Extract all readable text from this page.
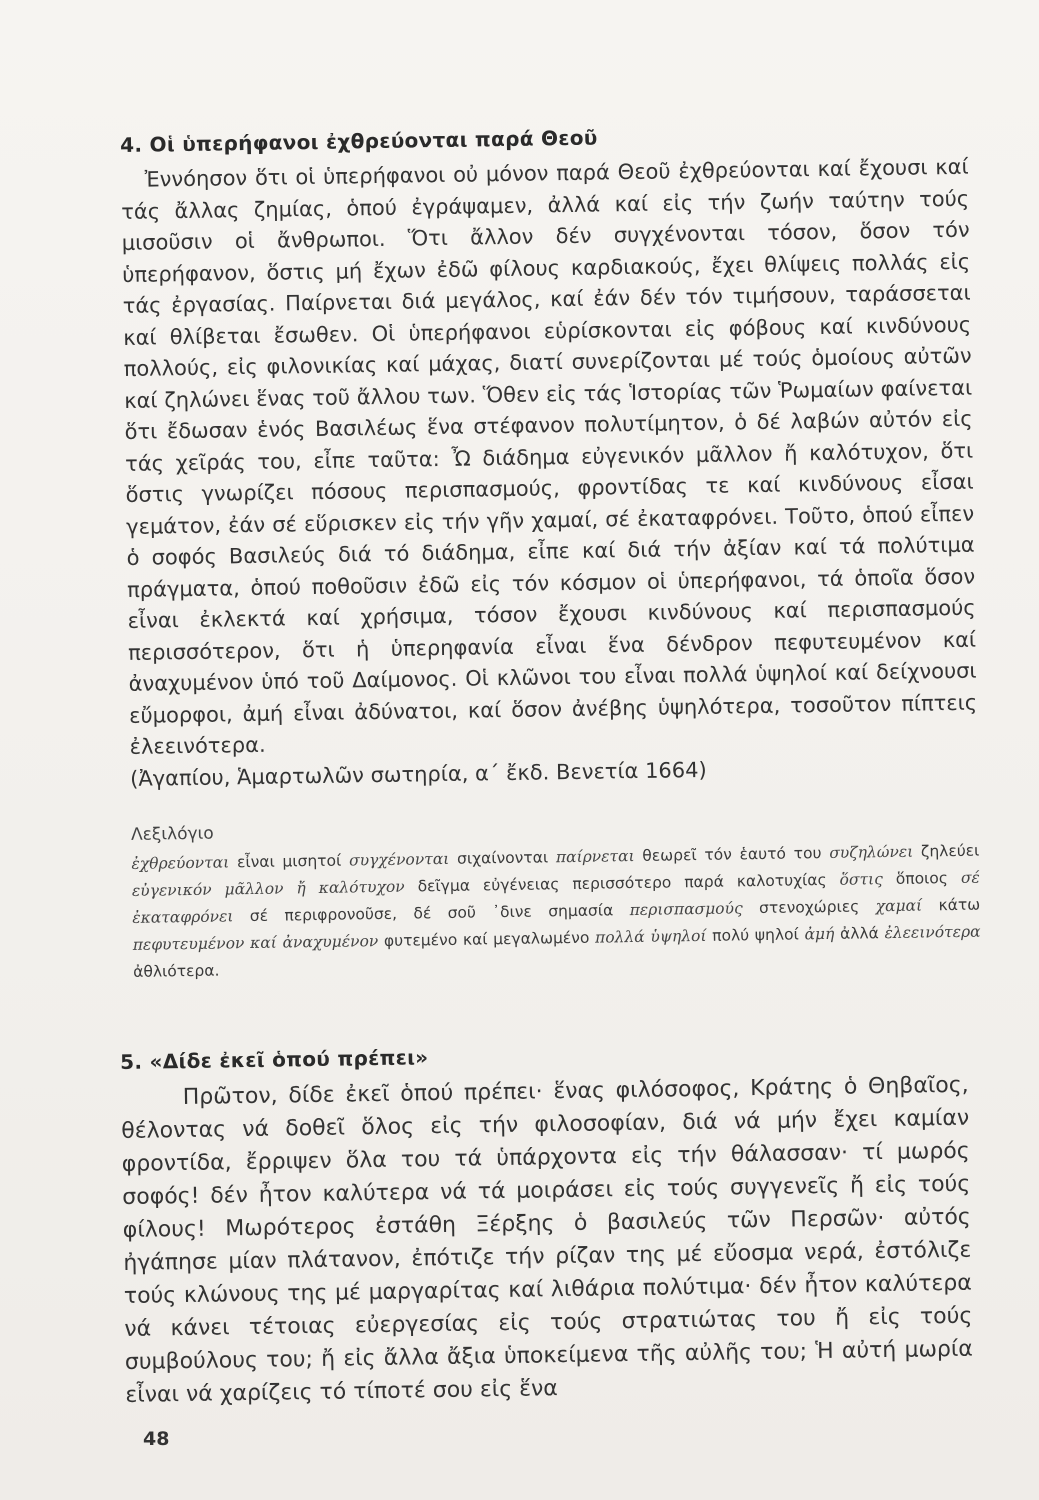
4. Οἱ ὑπερήφανοι ἐχθρεύονται παρά Θεοῦ

Ἐννόησον ὅτι οἱ ὑπερήφανοι οὐ μόνον παρά Θεοῦ ἐχθρεύονται καί ἔχουσι καί τάς ἄλλας ζημίας, ὁπού ἐγράψαμεν, ἀλλά καί εἰς τήν ζωήν ταύτην τούς μισοῦσιν οἱ ἄνθρωποι. Ὅτι ἄλλον δέν συγχένονται τόσον, ὅσον τόν ὑπερήφανον, ὅστις μή ἔχων ἐδῶ φίλους καρδιακούς, ἔχει θλίψεις πολλάς εἰς τάς ἐργασίας. Παίρνεται διά μεγάλος, καί ἐάν δέν τόν τιμήσουν, ταράσσεται καί θλίβεται ἔσωθεν. Οἱ ὑπερήφανοι εὑρίσκονται εἰς φόβους καί κινδύνους πολλούς, εἰς φιλονικίας καί μάχας, διατί συνερίζονται μέ τούς ὁμοίους αὐτῶν καί ζηλώνει ἕνας τοῦ ἄλλου των. Ὅθεν εἰς τάς Ἱστορίας τῶν Ῥωμαίων φαίνεται ὅτι ἔδωσαν ἑνός Βασιλέως ἕνα στέφανον πολυτίμητον, ὁ δέ λαβών αὐτόν εἰς τάς χεῖράς του, εἶπε ταῦτα: Ὦ διάδημα εὐγενικόν μᾶλλον ἤ καλότυχον, ὅτι ὅστις γνωρίζει πόσους περισπασμούς, φροντίδας τε καί κινδύνους εἶσαι γεμάτον, ἐάν σέ εὕρισκεν εἰς τήν γῆν χαμαί, σέ ἐκαταφρόνει. Τοῦτο, ὁπού εἶπεν ὁ σοφός Βασιλεύς διά τό διάδημα, εἶπε καί διά τήν ἀξίαν καί τά πολύτιμα πράγματα, ὁπού ποθοῦσιν ἐδῶ εἰς τόν κόσμον οἱ ὑπερήφανοι, τά ὁποῖα ὅσον εἶναι ἐκλεκτά καί χρήσιμα, τόσον ἔχουσι κινδύνους καί περισπασμούς περισσότερον, ὅτι ἡ ὑπερηφανία εἶναι ἕνα δένδρον πεφυτευμένον καί ἀναχυμένον ὑπό τοῦ Δαίμονος. Οἱ κλῶνοι του εἶναι πολλά ὑψηλοί καί δείχνουσι εὔμορφοι, ἀμή εἶναι ἀδύνατοι, καί ὅσον ἀνέβης ὑψηλότερα, τοσοῦτον πίπτεις ἐλεεινότερα.

(Ἀγαπίου, Ἁμαρτωλῶν σωτηρία, α΄ ἔκδ. Βενετία 1664)

Λεξιλόγιο

ἐχθρεύονται εἶναι μισητοί συγχένονται σιχαίνονται παίρνεται θεωρεῖ τόν ἑαυτό του συζηλώνει ζηλεύει εὐγενικόν μᾶλλον ἤ καλότυχον δεῖγμα εὐγένειας περισσότερο παρά καλοτυχίας ὅστις ὅποιος σέ ἐκαταφρόνει σέ περιφρονοῦσε, δέ σοῦ ᾽δινε σημασία περισπασμούς στενοχώριες χαμαί κάτω πεφυτευμένον καί ἀναχυμένον φυτεμένο καί μεγαλωμένο πολλά ὑψηλοί πολύ ψηλοί ἀμή ἀλλά ἐλεεινότερα ἀθλιότερα.

5. «Δίδε ἐκεῖ ὁπού πρέπει»

Πρῶτον, δίδε ἐκεῖ ὁπού πρέπει· ἕνας φιλόσοφος, Κράτης ὁ Θηβαῖος, θέλοντας νά δοθεῖ ὅλος εἰς τήν φιλοσοφίαν, διά νά μήν ἔχει καμίαν φροντίδα, ἔρριψεν ὅλα του τά ὑπάρχοντα εἰς τήν θάλασσαν· τί μωρός σοφός! δέν ἦτον καλύτερα νά τά μοιράσει εἰς τούς συγγενεῖς ἤ εἰς τούς φίλους! Μωρότερος ἐστάθη Ξέρξης ὁ βασιλεύς τῶν Περσῶν· αὐτός ἠγάπησε μίαν πλάτανον, ἐπότιζε τήν ρίζαν της μέ εὔοσμα νερά, ἐστόλιζε τούς κλώνους της μέ μαργαρίτας καί λιθάρια πολύτιμα· δέν ἦτον καλύτερα νά κάνει τέτοιας εὐεργεσίας εἰς τούς στρατιώτας του ἤ εἰς τούς συμβούλους του; ἤ εἰς ἄλλα ἄξια ὑποκείμενα τῆς αὐλῆς του; Ἡ αὐτή μωρία εἶναι νά χαρίζεις τό τίποτέ σου εἰς ἕνα

48
